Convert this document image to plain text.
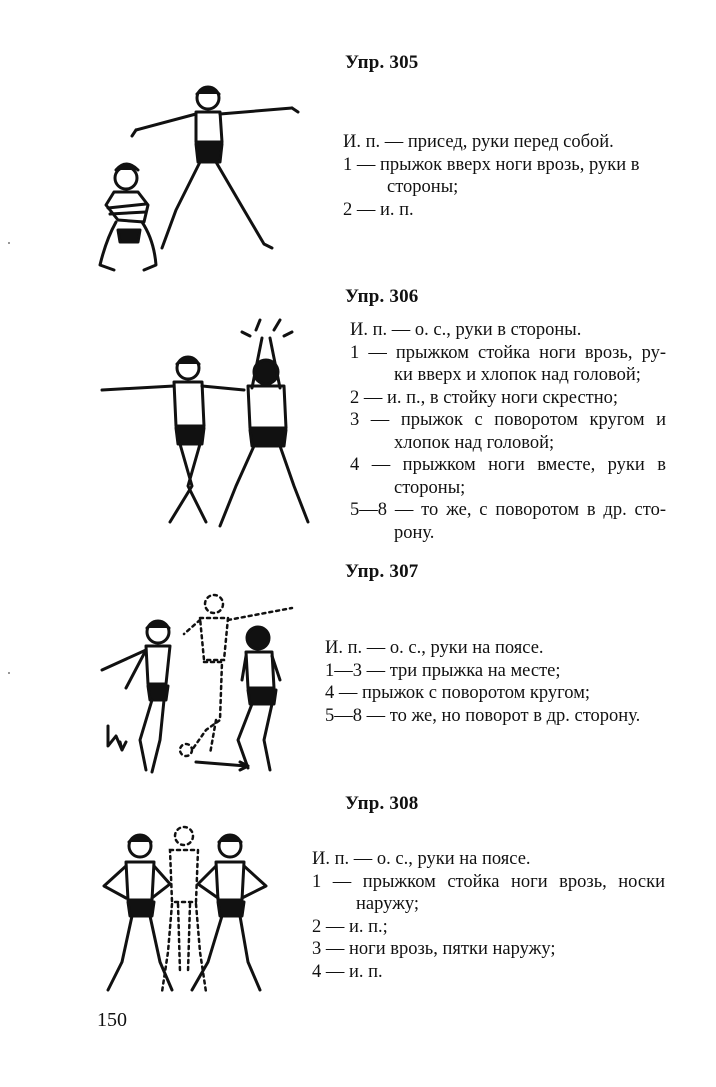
Упр. 305
И. п. — присед, руки перед собой.
1 — прыжок вверх ноги врозь, руки в
стороны;
2 — и. п.
Упр. 306
И. п. — о. с., руки в стороны.
1 — прыжком стойка ноги врозь, ру-
ки вверх и хлопок над головой;
2 — и. п., в стойку ноги скрестно;
3 — прыжок с поворотом кругом и
хлопок над головой;
4 — прыжком ноги вместе, руки в
стороны;
5—8 — то же, с поворотом в др. сто-
рону.
Упр. 307
И. п. — о. с., руки на поясе.
1—3 — три прыжка на месте;
4 — прыжок с поворотом кругом;
5—8 — то же, но поворот в др. сторону.
Упр. 308
И. п. — о. с., руки на поясе.
1 — прыжком стойка ноги врозь, носки
наружу;
2 — и. п.;
3 — ноги врозь, пятки наружу;
4 — и. п.
150
